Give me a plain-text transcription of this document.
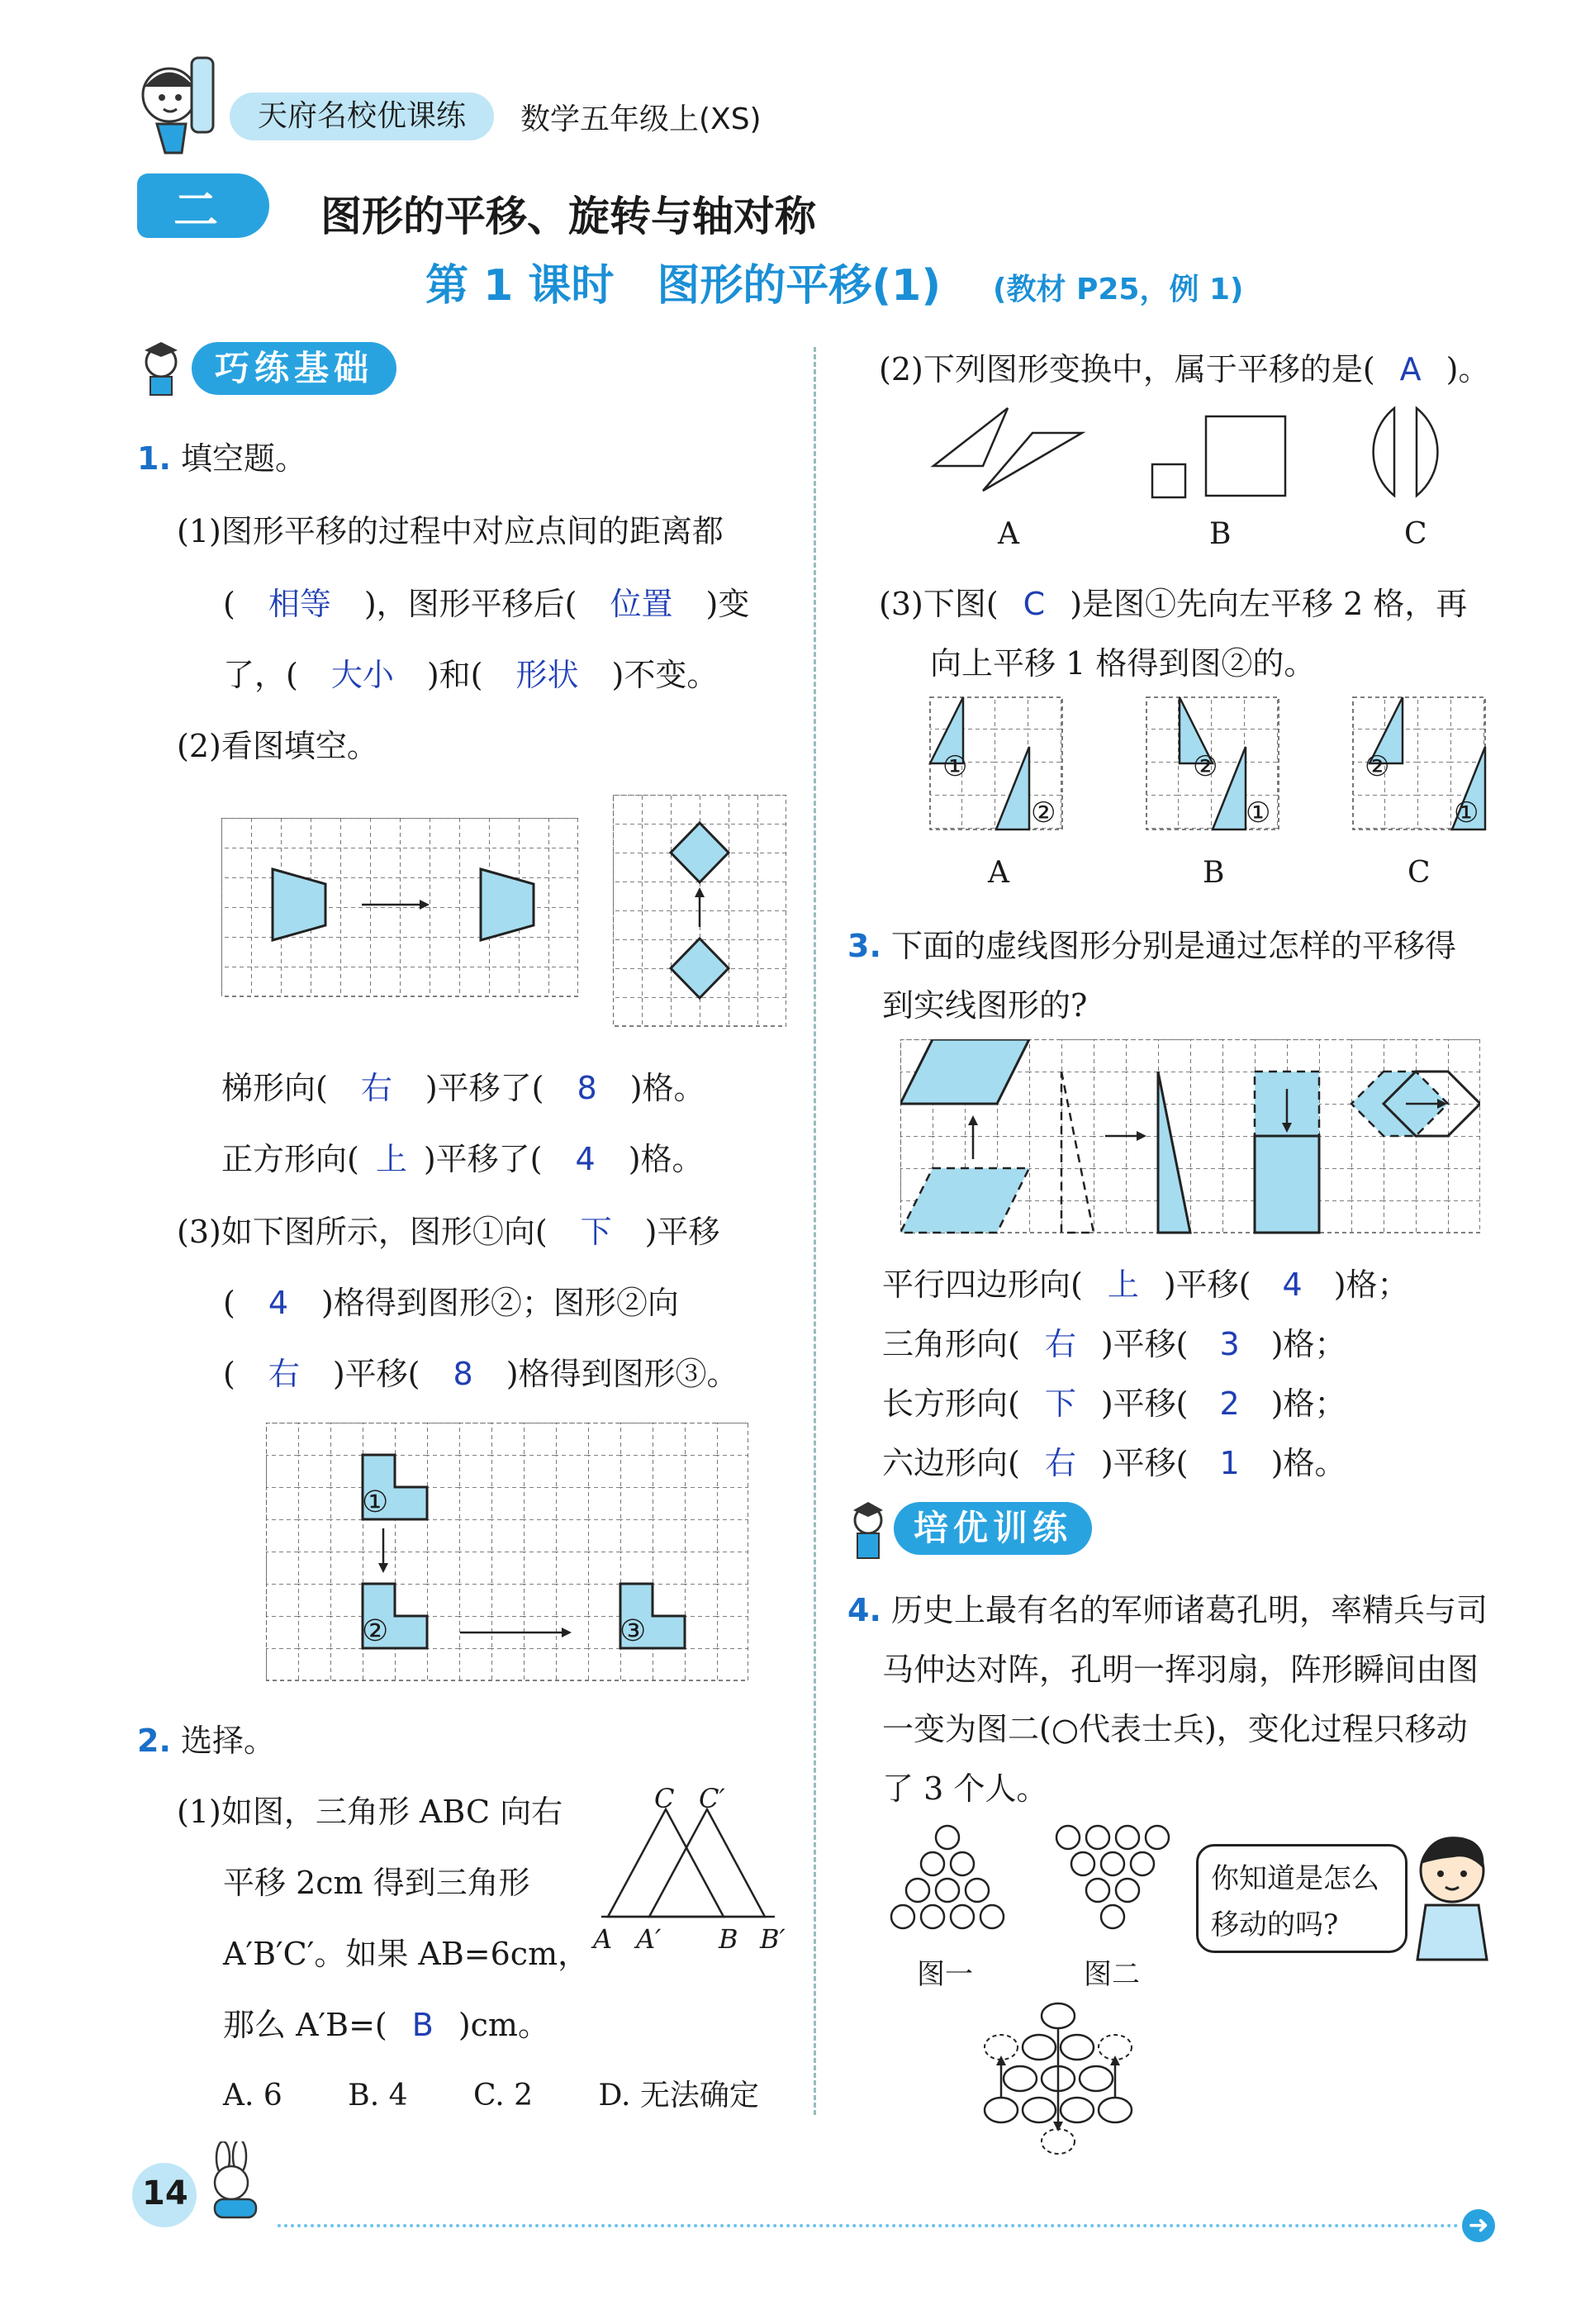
天府名校优课练	数学五年级上(XS)
二 图形的平移、旋转与轴对称
第 1 课时　图形的平移(1) (教材 P25，例 1)
巧练基础
1. 填空题。
(1)图形平移的过程中对应点间的距离都
( 相等 )，图形平移后( 位置 )变
了，( 大小 )和( 形状 )不变。
(2)看图填空。
梯形向( 右 )平移了( 8 )格。
正方形向( 上 )平移了( 4 )格。
(3)如下图所示，图形①向( 下 )平移
( 4 )格得到图形②；图形②向
( 右 )平移( 8 )格得到图形③。
①
②	③
2. 选择。
(1)如图，三角形 ABC 向右
平移 2cm 得到三角形
A′B′C′。如果 AB=6cm，
那么 A′B=( B )cm。
A. 6 B. 4 C. 2 D. 无法确定
C C′
A A′ B B′
(2)下列图形变换中，属于平移的是( A )。
A	B	C
(3)下图( C )是图①先向左平移 2 格，再
向上平移 1 格得到图②的。
①
②
②
①
②
①
A	B	C
3. 下面的虚线图形分别是通过怎样的平移得
到实线图形的?
平行四边形向( 上 )平移( 4 )格；
三角形向( 右 )平移( 3 )格；
长方形向( 下 )平移( 2 )格；
六边形向( 右 )平移( 1 )格。
培优训练
4. 历史上最有名的军师诸葛孔明，率精兵与司
马仲达对阵，孔明一挥羽扇，阵形瞬间由图
一变为图二(○代表士兵)，变化过程只移动
了 3 个人。
图一	图二
你知道是怎么
移动的吗?
14
➜
